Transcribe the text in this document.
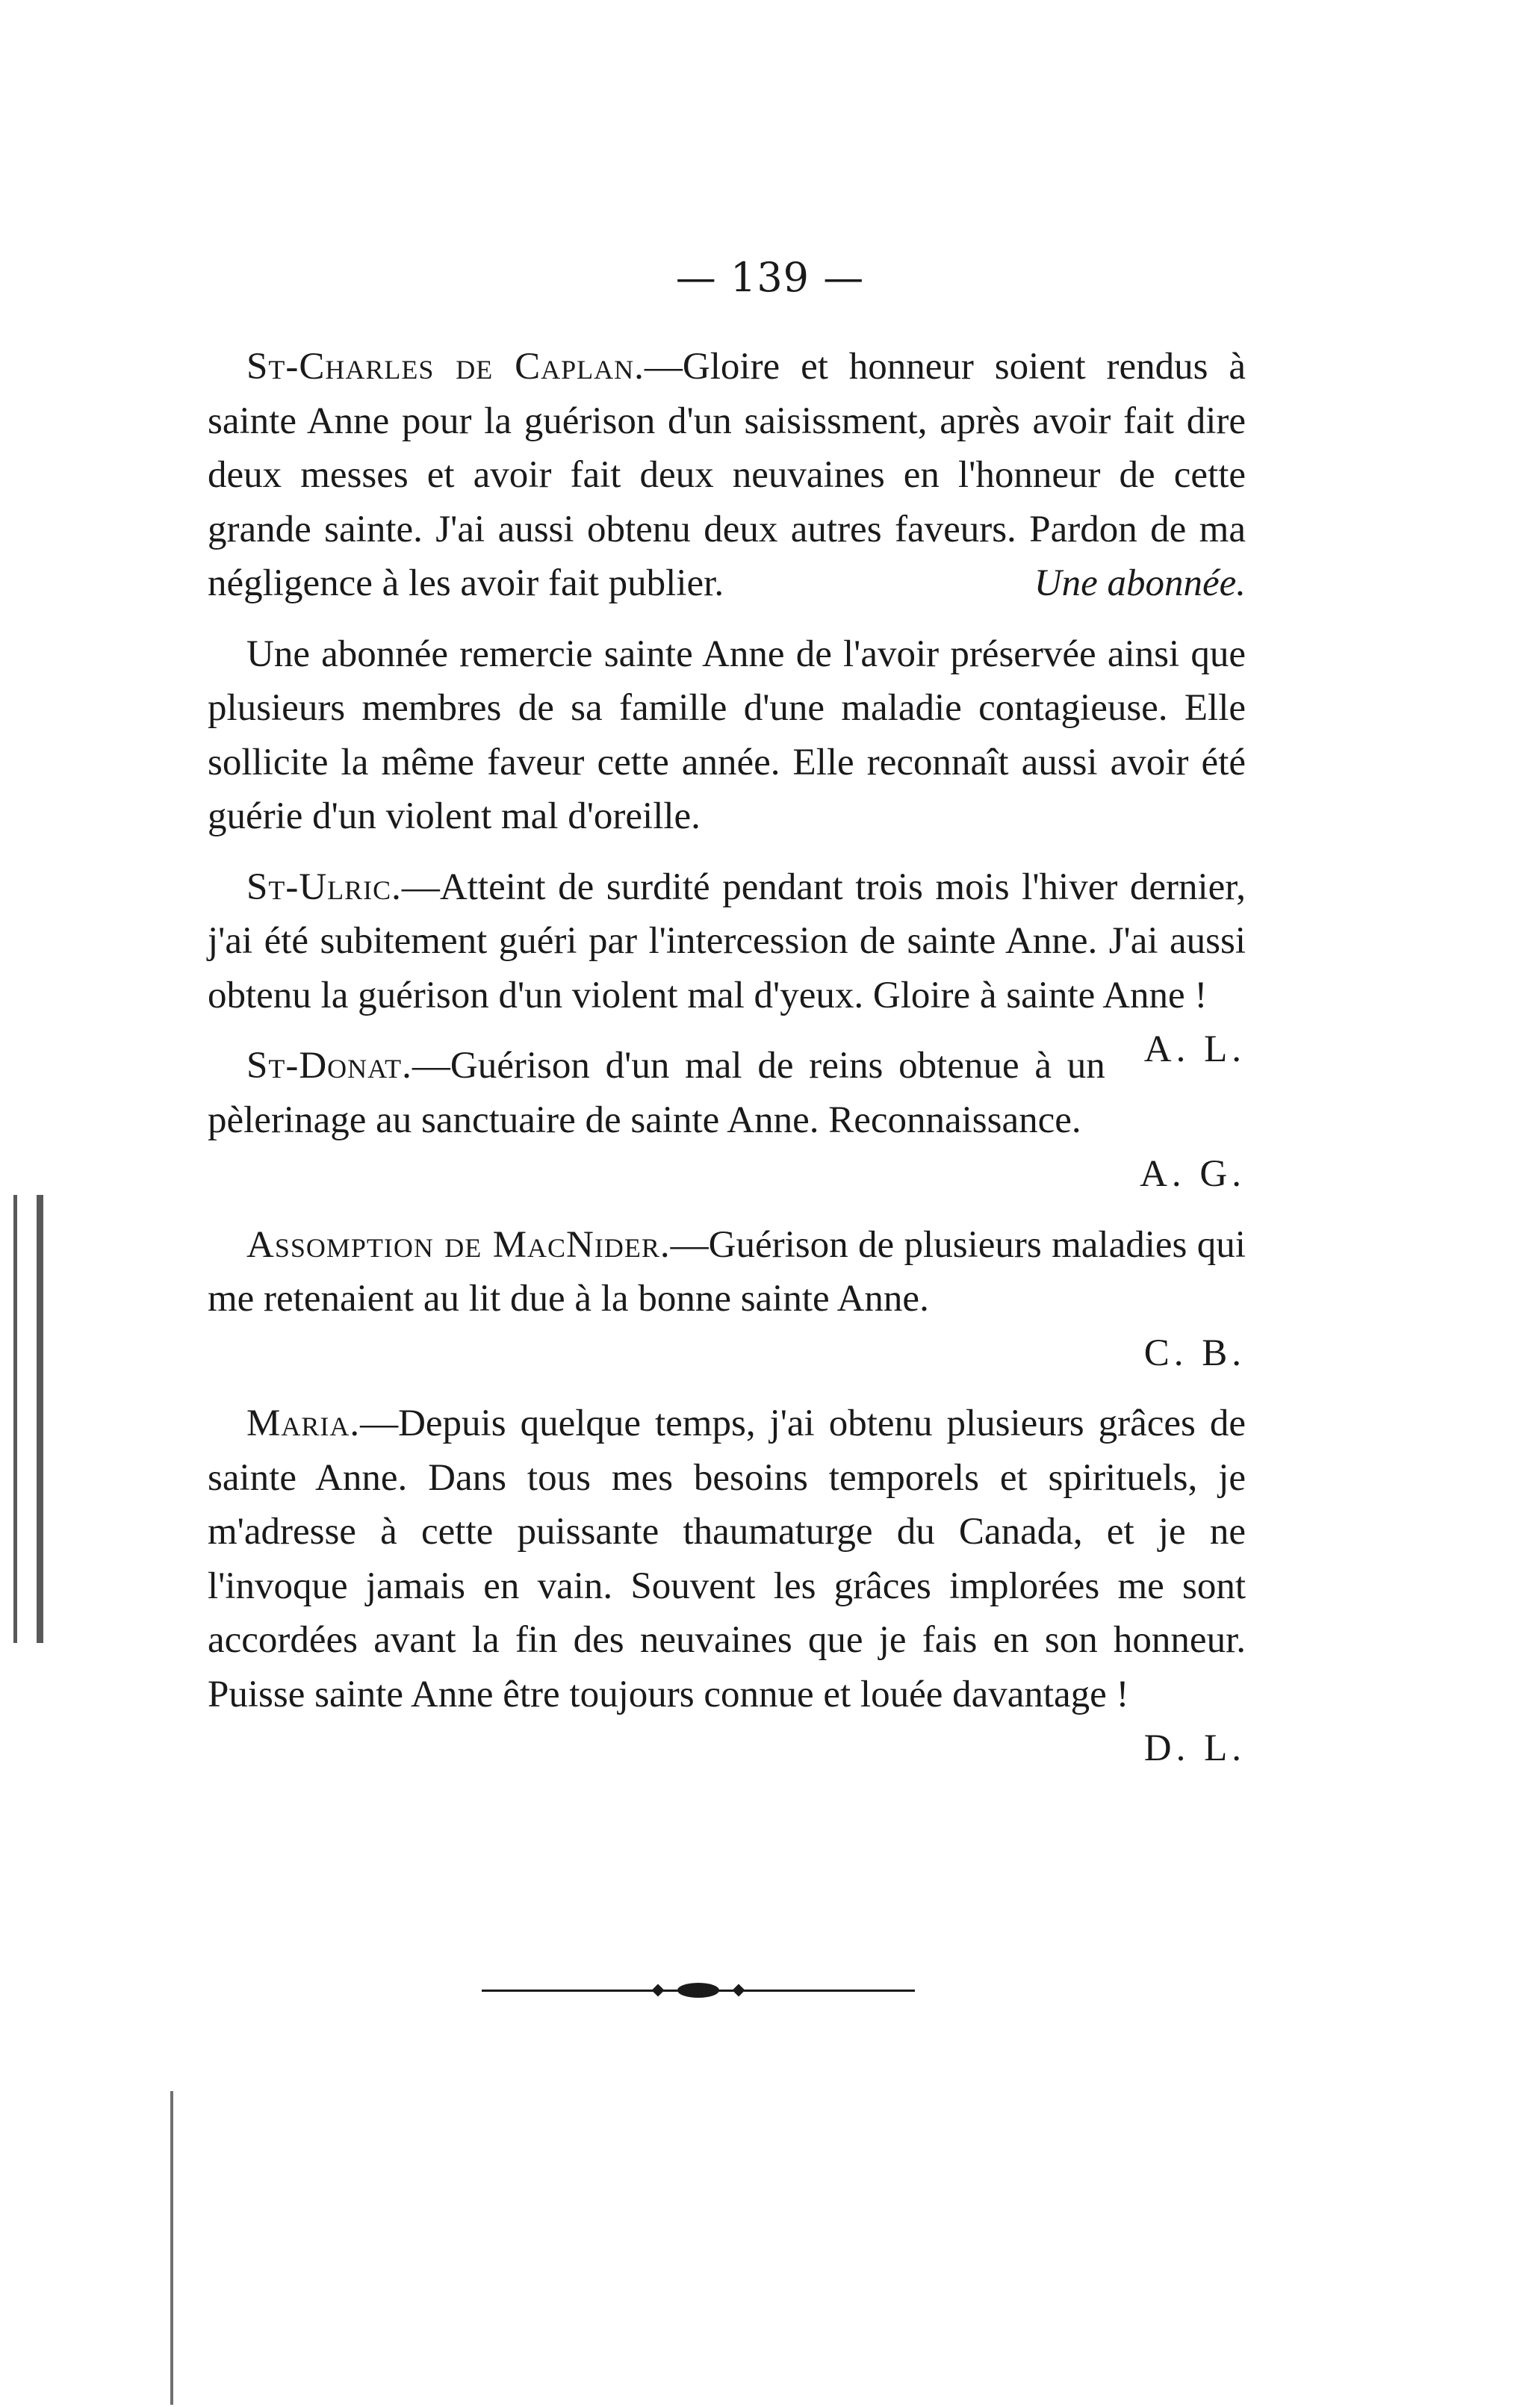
— 139 —

St-Charles de Caplan.—Gloire et honneur soient rendus à sainte Anne pour la guérison d'un saisissment, après avoir fait dire deux messes et avoir fait deux neuvaines en l'honneur de cette grande sainte. J'ai aussi obtenu deux autres faveurs. Pardon de ma négligence à les avoir fait publier.	Une abonnée.

Une abonnée remercie sainte Anne de l'avoir préservée ainsi que plusieurs membres de sa famille d'une maladie contagieuse. Elle sollicite la même faveur cette année. Elle reconnaît aussi avoir été guérie d'un violent mal d'oreille.

St-Ulric.—Atteint de surdité pendant trois mois l'hiver dernier, j'ai été subitement guéri par l'intercession de sainte Anne. J'ai aussi obtenu la guérison d'un violent mal d'yeux. Gloire à sainte Anne !
A. L.

St-Donat.—Guérison d'un mal de reins obtenue à un pèlerinage au sanctuaire de sainte Anne. Reconnaissance.
A. G.

Assomption de MacNider.—Guérison de plusieurs maladies qui me retenaient au lit due à la bonne sainte Anne.
C. B.

Maria.—Depuis quelque temps, j'ai obtenu plusieurs grâces de sainte Anne. Dans tous mes besoins temporels et spirituels, je m'adresse à cette puissante thaumaturge du Canada, et je ne l'invoque jamais en vain. Souvent les grâces implorées me sont accordées avant la fin des neuvaines que je fais en son honneur. Puisse sainte Anne être toujours connue et louée davantage !
D. L.
